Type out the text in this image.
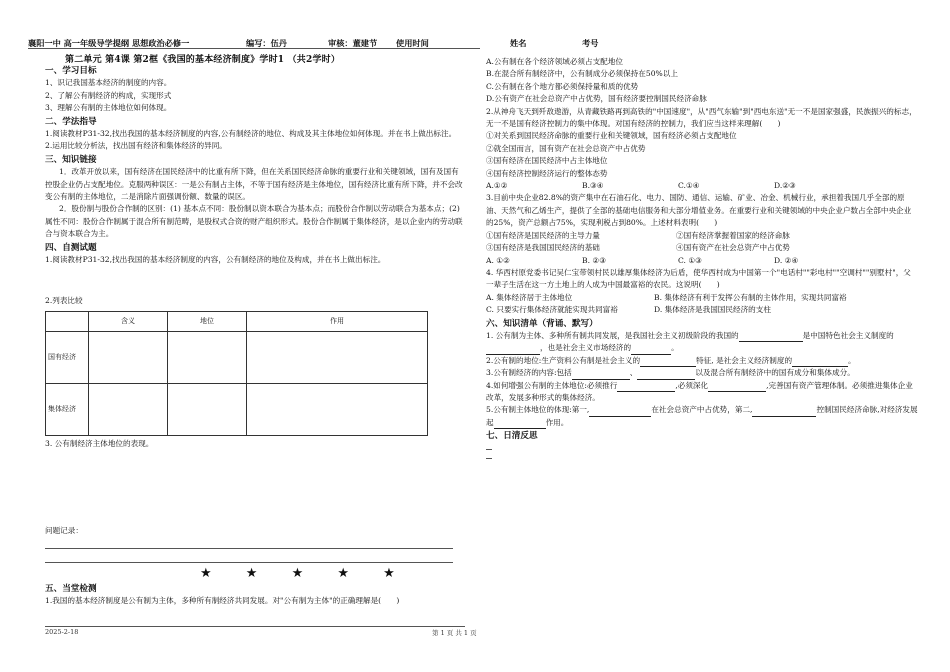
襄阳一中 高一年级导学提纲 思想政治必修一	编写：伍丹	审核：董建节 使用时间	姓名	考号
第二单元 第4课 第2框《我国的基本经济制度》学时1 （共2学时）
一、学习目标

1、识记我国基本经济的制度的内容。

2、了解公有制经济的构成，实现形式

3、理解公有制的主体地位如何体现。

二、学法指导

1.阅读教材P31-32,找出我国的基本经济制度的内容,公有制经济的地位、构成及其主体地位如何体现。并在书上做出标注。

2.运用比较分析法，找出国有经济和集体经济的异同。

三、知识链接

1．改革开放以来，国有经济在国民经济中的比重有所下降，但在关系国民经济命脉的重要行业和关键领域，国有及国有控股企业仍占支配地位。克服两种误区：一是公有制占主体，不等于国有经济是主体地位，国有经济比重有所下降，并不会改变公有制的主体地位，二是消除片面强调份额、数量的误区。

2．股份制与股份合作制的区别：(1) 基本点不同：股份制以资本联合为基本点；而股份合作制以劳动联合为基本点；(2)属性不同：股份合作制属于混合所有制范畴，是股权式合资的财产组织形式。股份合作制属于集体经济，是以企业内的劳动联合与资本联合为主。

四、自测试题

1.阅读教材P31-32,找出我国的基本经济制度的内容，公有制经济的地位及构成，并在书上做出标注。

2.列表比较

	含义	地位	作用
国有经济			
集体经济			

3. 公有制经济主体地位的表现。

问题记录：

★ ★ ★ ★ ★
五、当堂检测

1.我国的基本经济制度是公有制为主体，多种所有制经济共同发展。对"公有制为主体"的正确理解是(　　)

A.公有制在各个经济领域必须占支配地位

B.在混合所有制经济中，公有制成分必须保持在50%以上

C.公有制在各个地方都必须保持量和质的优势

D.公有资产在社会总资产中占优势，国有经济要控制国民经济命脉

2.从神舟飞天到歼敌遨游，从青藏铁路再到高铁的"中国速度"，从"西气东输"到"西电东送"无一不是国家强盛，民族振兴的标志，无一不是国有经济控制力的集中体现。对国有经济的控制力，我们应当这样来理解(　　)

①对关系到国民经济命脉的重要行业和关键领域，国有经济必须占支配地位

②就全国而言，国有资产在社会总资产中占优势

③国有经济在国民经济中占主体地位

④国有经济控制经济运行的整体态势

A.①②	B.③④	C.①④	D.②③

3.目前中央企业82.8%的资产集中在石油石化、电力、国防、通信、运输、矿业、冶金、机械行业，承担着我国几乎全部的原油、天然气和乙烯生产，提供了全部的基础电信服务和大部分增值业务。在重要行业和关键领域的中央企业户数占全部中央企业的25%，资产总额占75%，实现利税占到80%。上述材料表明(　　)

①国有经济是国民经济的主导力量	②国有经济掌握着国家的经济命脉
③国有经济是我国国民经济的基础	④国有资产在社会总资产中占优势
A. ①②	B. ②③	C. ①③	D. ②④

4. 华西村原党委书记吴仁宝带领村民以雄厚集体经济为后盾，使华西村成为中国第一个"电话村""彩电村""空调村""别墅村"，父一辈子生活在这一方土地上的人成为中国最富裕的农民。这说明(　　)

A. 集体经济居于主体地位	B. 集体经济有利于发挥公有制的主体作用，实现共同富裕
C. 只要实行集体经济就能实现共同富裕	D. 集体经济是我国国民经济的支柱
六、知识清单（背诵、默写）

1. 公有制为主体、多种所有制共同发展，是我国社会主义初级阶段的我国的	是中国特色社会主义制度的，也是社会主义市场经济的	。

2.公有制的地位:生产资料公有制是社会主义的	特征, 是社会主义经济制度的	。

3.公有制经济的内容:包括	、	以及混合所有制经济中的国有成分和集体成分。

4.如何增强公有制的主体地位:必须推行	,必须深化	,完善国有资产管理体制。必须推进集体企业改革，发展多种形式的集体经济。

5.公有制主体地位的体现:第一,	在社会总资产中占优势，第二,	控制国民经济命脉,对经济发展起	作用。

七、日清反思
2025-2-18	第 1 页 共 1 页
